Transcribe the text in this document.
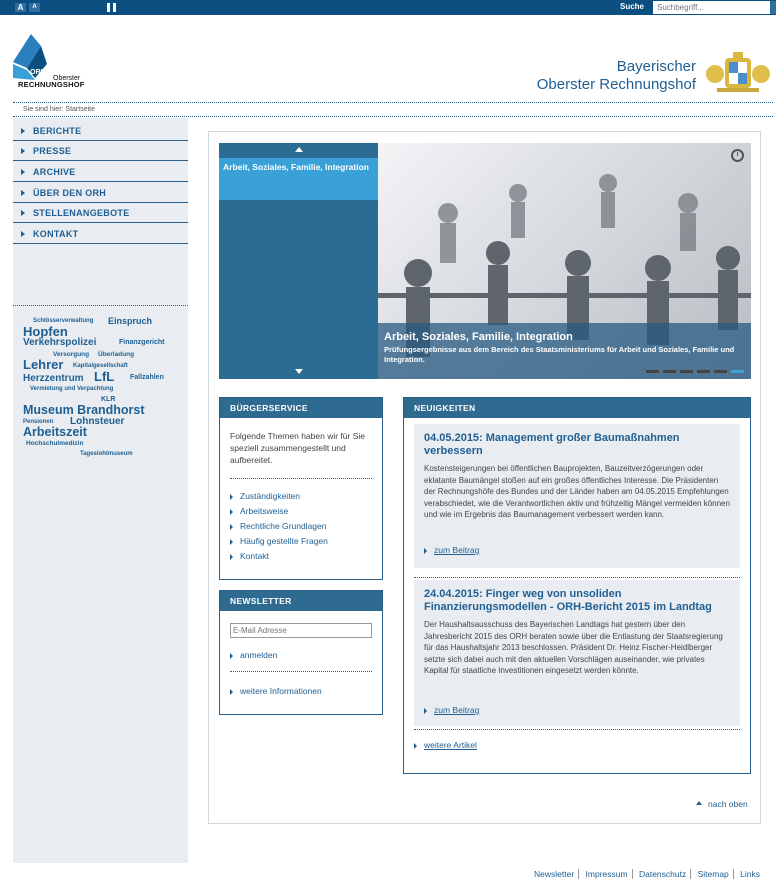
A	A	Suche
Suchbegriff...
ORH
Oberster
RECHNUNGSHOF
Bayerischer
Oberster Rechnungshof
Sie sind hier: Startseite
BERICHTE
PRESSE
ARCHIVE
ÜBER DEN ORH
STELLENANGEBOTE
KONTAKT
Schlösserverwaltung Einspruch
Hopfen
Verkehrspolizei	Finanzgericht
Versorgung Überladung
Lehrer Kapitalgesellschaft
Herzzentrum LfL Fallzahlen
Vermietung und Verpachtung
KLR
Museum Brandhorst
Pensionen Lohnsteuer
Arbeitszeit
Hochschulmedizin
Tageslohtmuseum
Arbeit, Soziales, Familie, Integration
Arbeit, Soziales, Familie, Integration
Prüfungsergebnisse aus dem Bereich des Staatsministeriums für Arbeit und Soziales, Familie und Integration.
BÜRGERSERVICE
Folgende Themen haben wir für Sie speziell zusammengestellt und aufbereitet.
Zuständigkeiten
Arbeitsweise
Rechtliche Grundlagen
Häufig gestellte Fragen
Kontakt
NEWSLETTER
E-Mail Adresse
anmelden
weitere Informationen
NEUIGKEITEN
04.05.2015: Management großer Baumaßnahmen verbessern
Kostensteigerungen bei öffentlichen Bauprojekten, Bauzeitverzögerungen oder eklatante Baumängel stoßen auf ein großes öffentliches Interesse. Die Präsidenten der Rechnungshöfe des Bundes und der Länder haben am 04.05.2015 Empfehlungen verabschiedet, wie die Verantwortlichen aktiv und frühzeitig Mängel vermeiden können und wie im Ergebnis das Baumanagement verbessert werden kann.
zum Beitrag
24.04.2015: Finger weg von unsoliden Finanzierungsmodellen - ORH-Bericht 2015 im Landtag
Der Haushaltsausschuss des Bayerischen Landtags hat gestern über den Jahresbericht 2015 des ORH beraten sowie über die Entlastung der Staatsregierung für das Haushaltsjahr 2013 beschlossen. Präsident Dr. Heinz Fischer-Heidlberger setzte sich dabei auch mit den aktuellen Vorschlägen auseinander, wie privates Kapital für staatliche Investitionen eingesetzt werden könnte.
zum Beitrag
weitere Artikel
nach oben
Newsletter Impressum Datenschutz Sitemap Links
